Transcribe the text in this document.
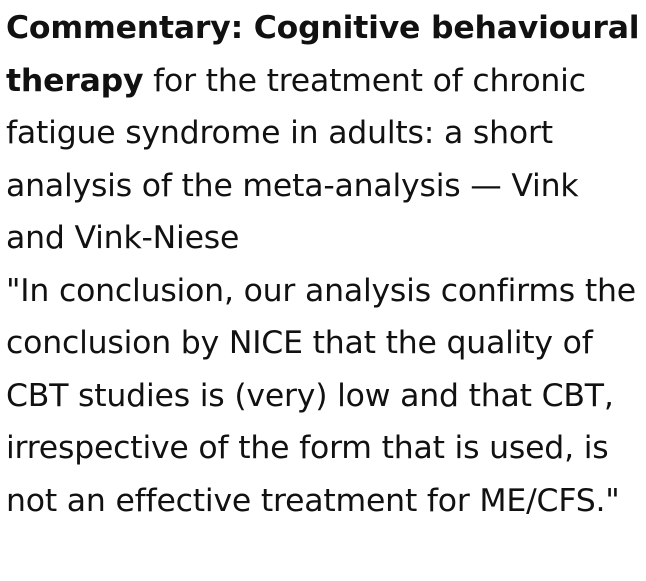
Commentary: Cognitive behavioural therapy for the treatment of chronic fatigue syndrome in adults: a short analysis of the meta-analysis — Vink and Vink-Niese

"In conclusion, our analysis confirms the conclusion by NICE that the quality of CBT studies is (very) low and that CBT, irrespective of the form that is used, is not an effective treatment for ME/CFS."
